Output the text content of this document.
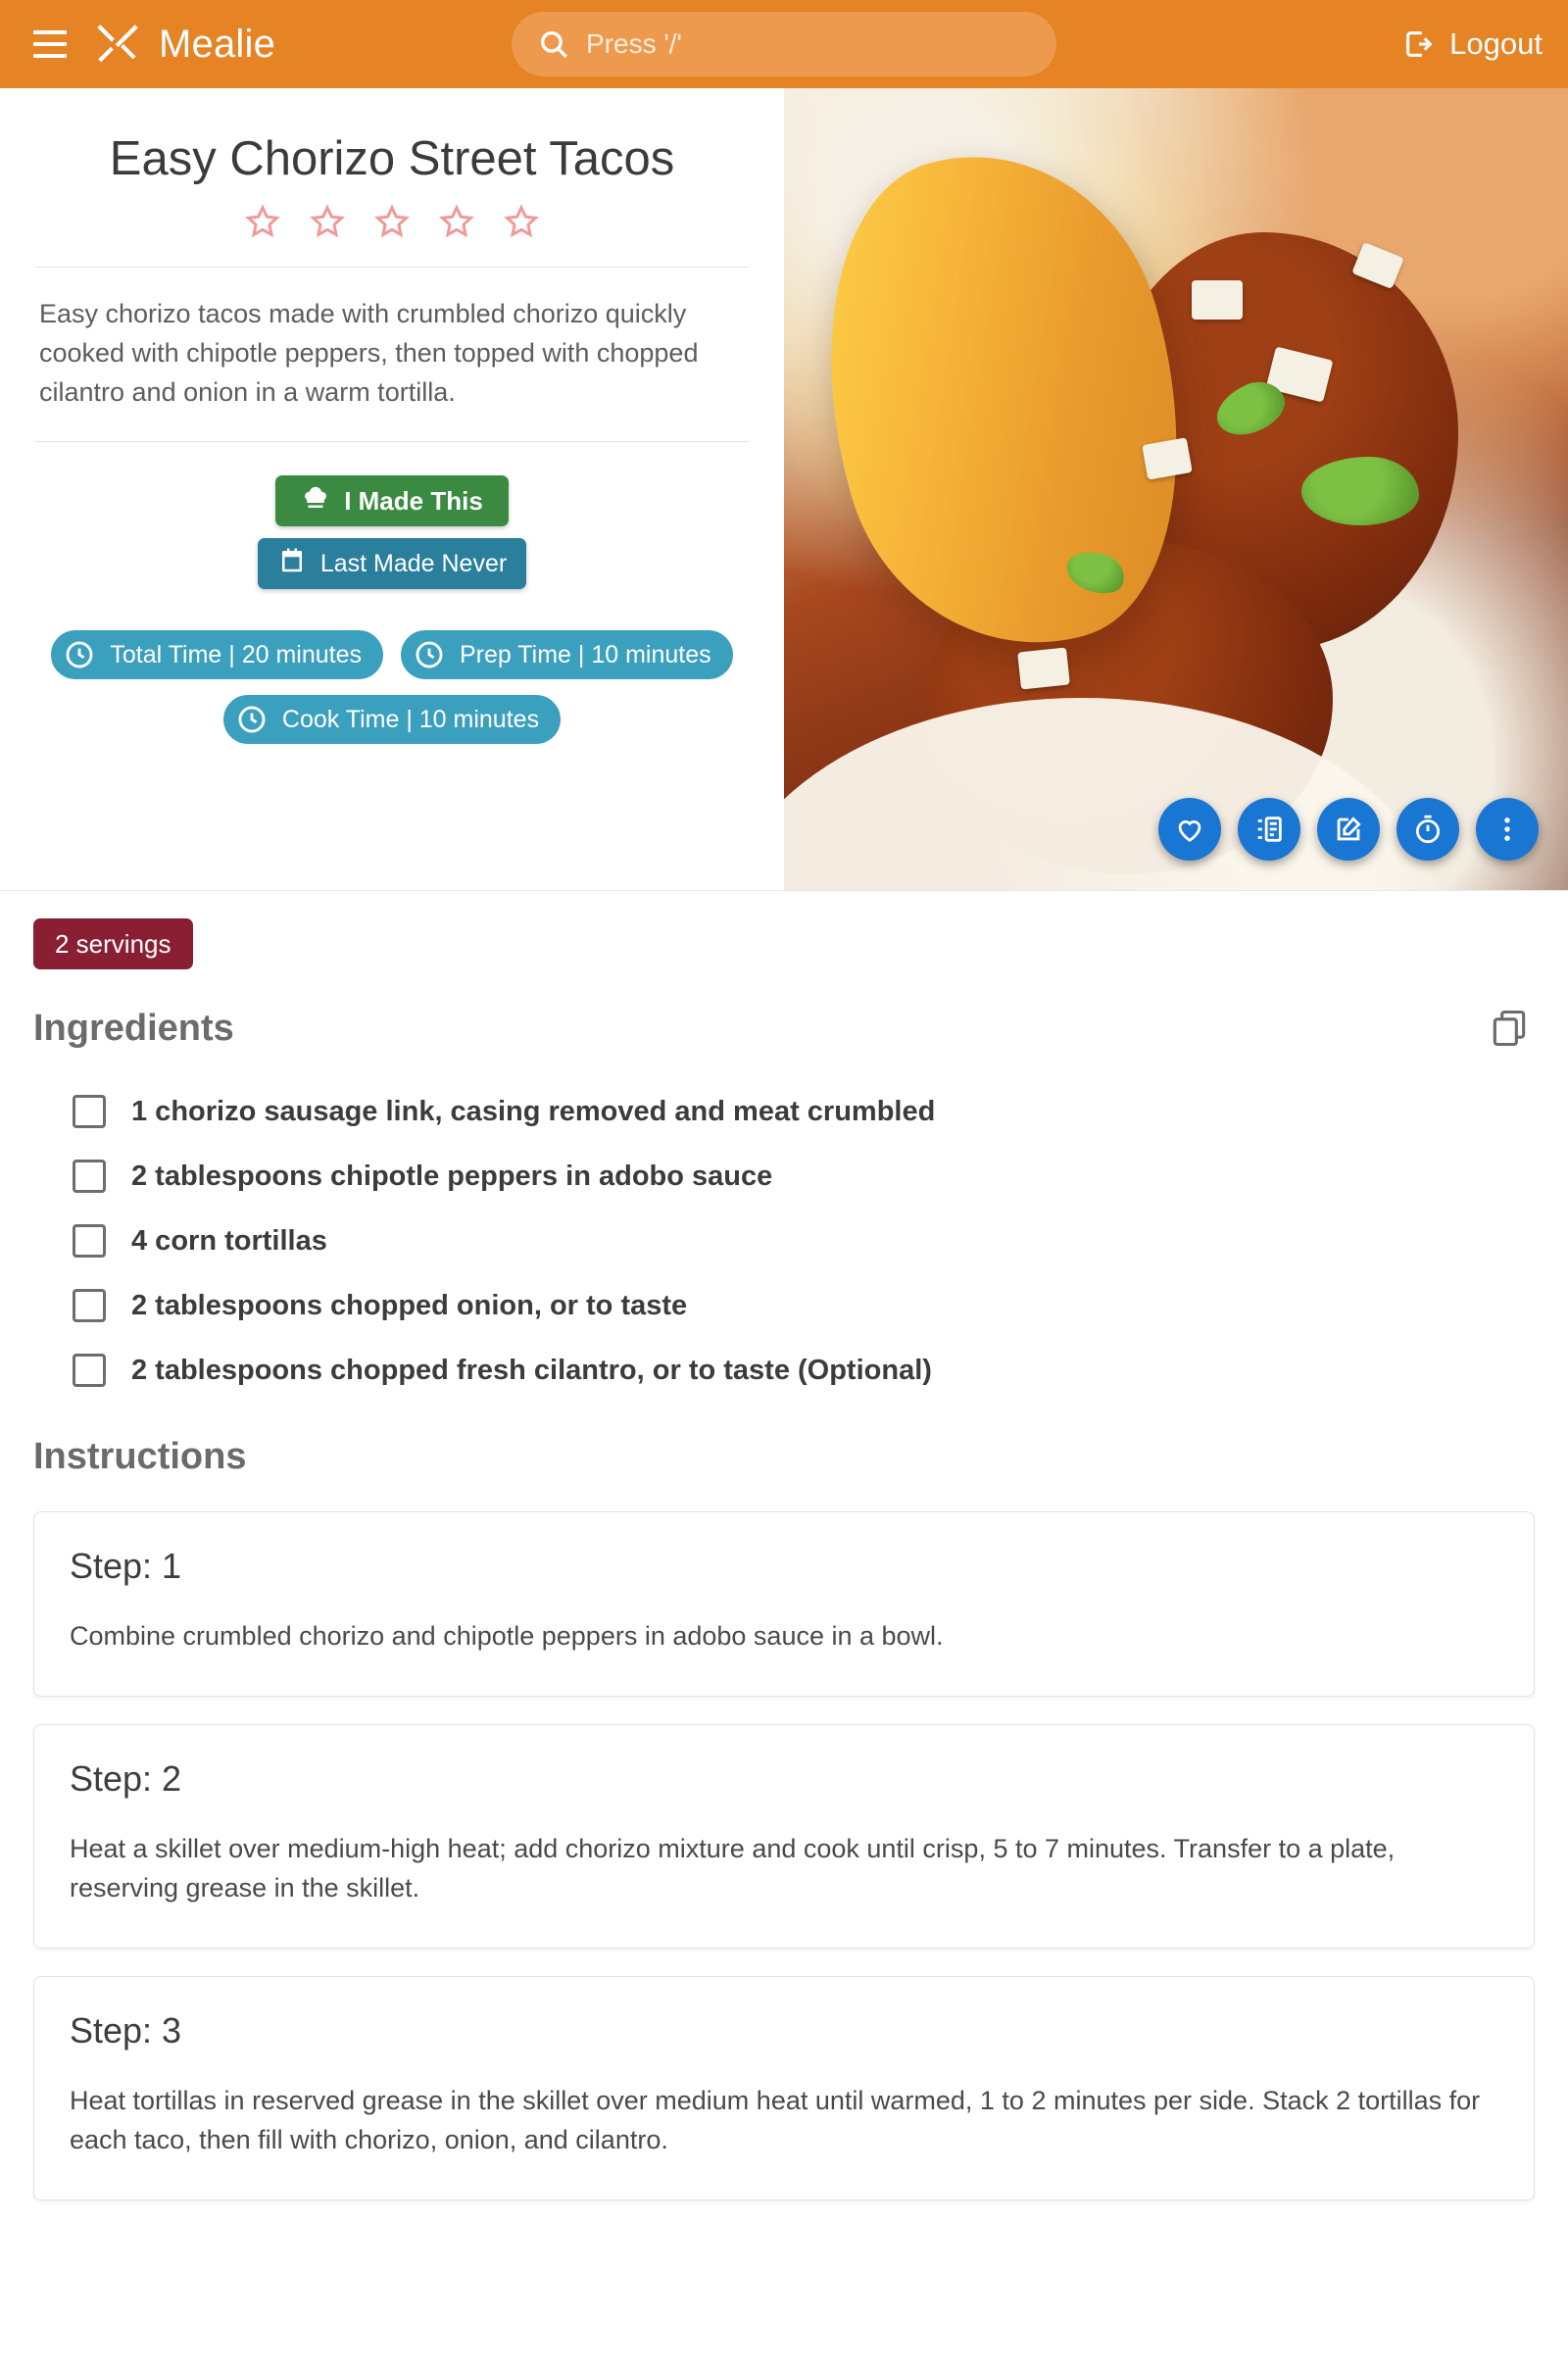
Mealie	Press '/'	Logout
Easy Chorizo Street Tacos

Easy chorizo tacos made with crumbled chorizo quickly cooked with chipotle peppers, then topped with chopped cilantro and onion in a warm tortilla.

I Made This
Last Made Never
Total Time | 20 minutes	Prep Time | 10 minutes
Cook Time | 10 minutes
2 servings
Ingredients
1 chorizo sausage link, casing removed and meat crumbled
2 tablespoons chipotle peppers in adobo sauce
4 corn tortillas
2 tablespoons chopped onion, or to taste
2 tablespoons chopped fresh cilantro, or to taste (Optional)
Instructions
Step: 1

Combine crumbled chorizo and chipotle peppers in adobo sauce in a bowl.

Step: 2

Heat a skillet over medium-high heat; add chorizo mixture and cook until crisp, 5 to 7 minutes. Transfer to a plate, reserving grease in the skillet.

Step: 3

Heat tortillas in reserved grease in the skillet over medium heat until warmed, 1 to 2 minutes per side. Stack 2 tortillas for each taco, then fill with chorizo, onion, and cilantro.
